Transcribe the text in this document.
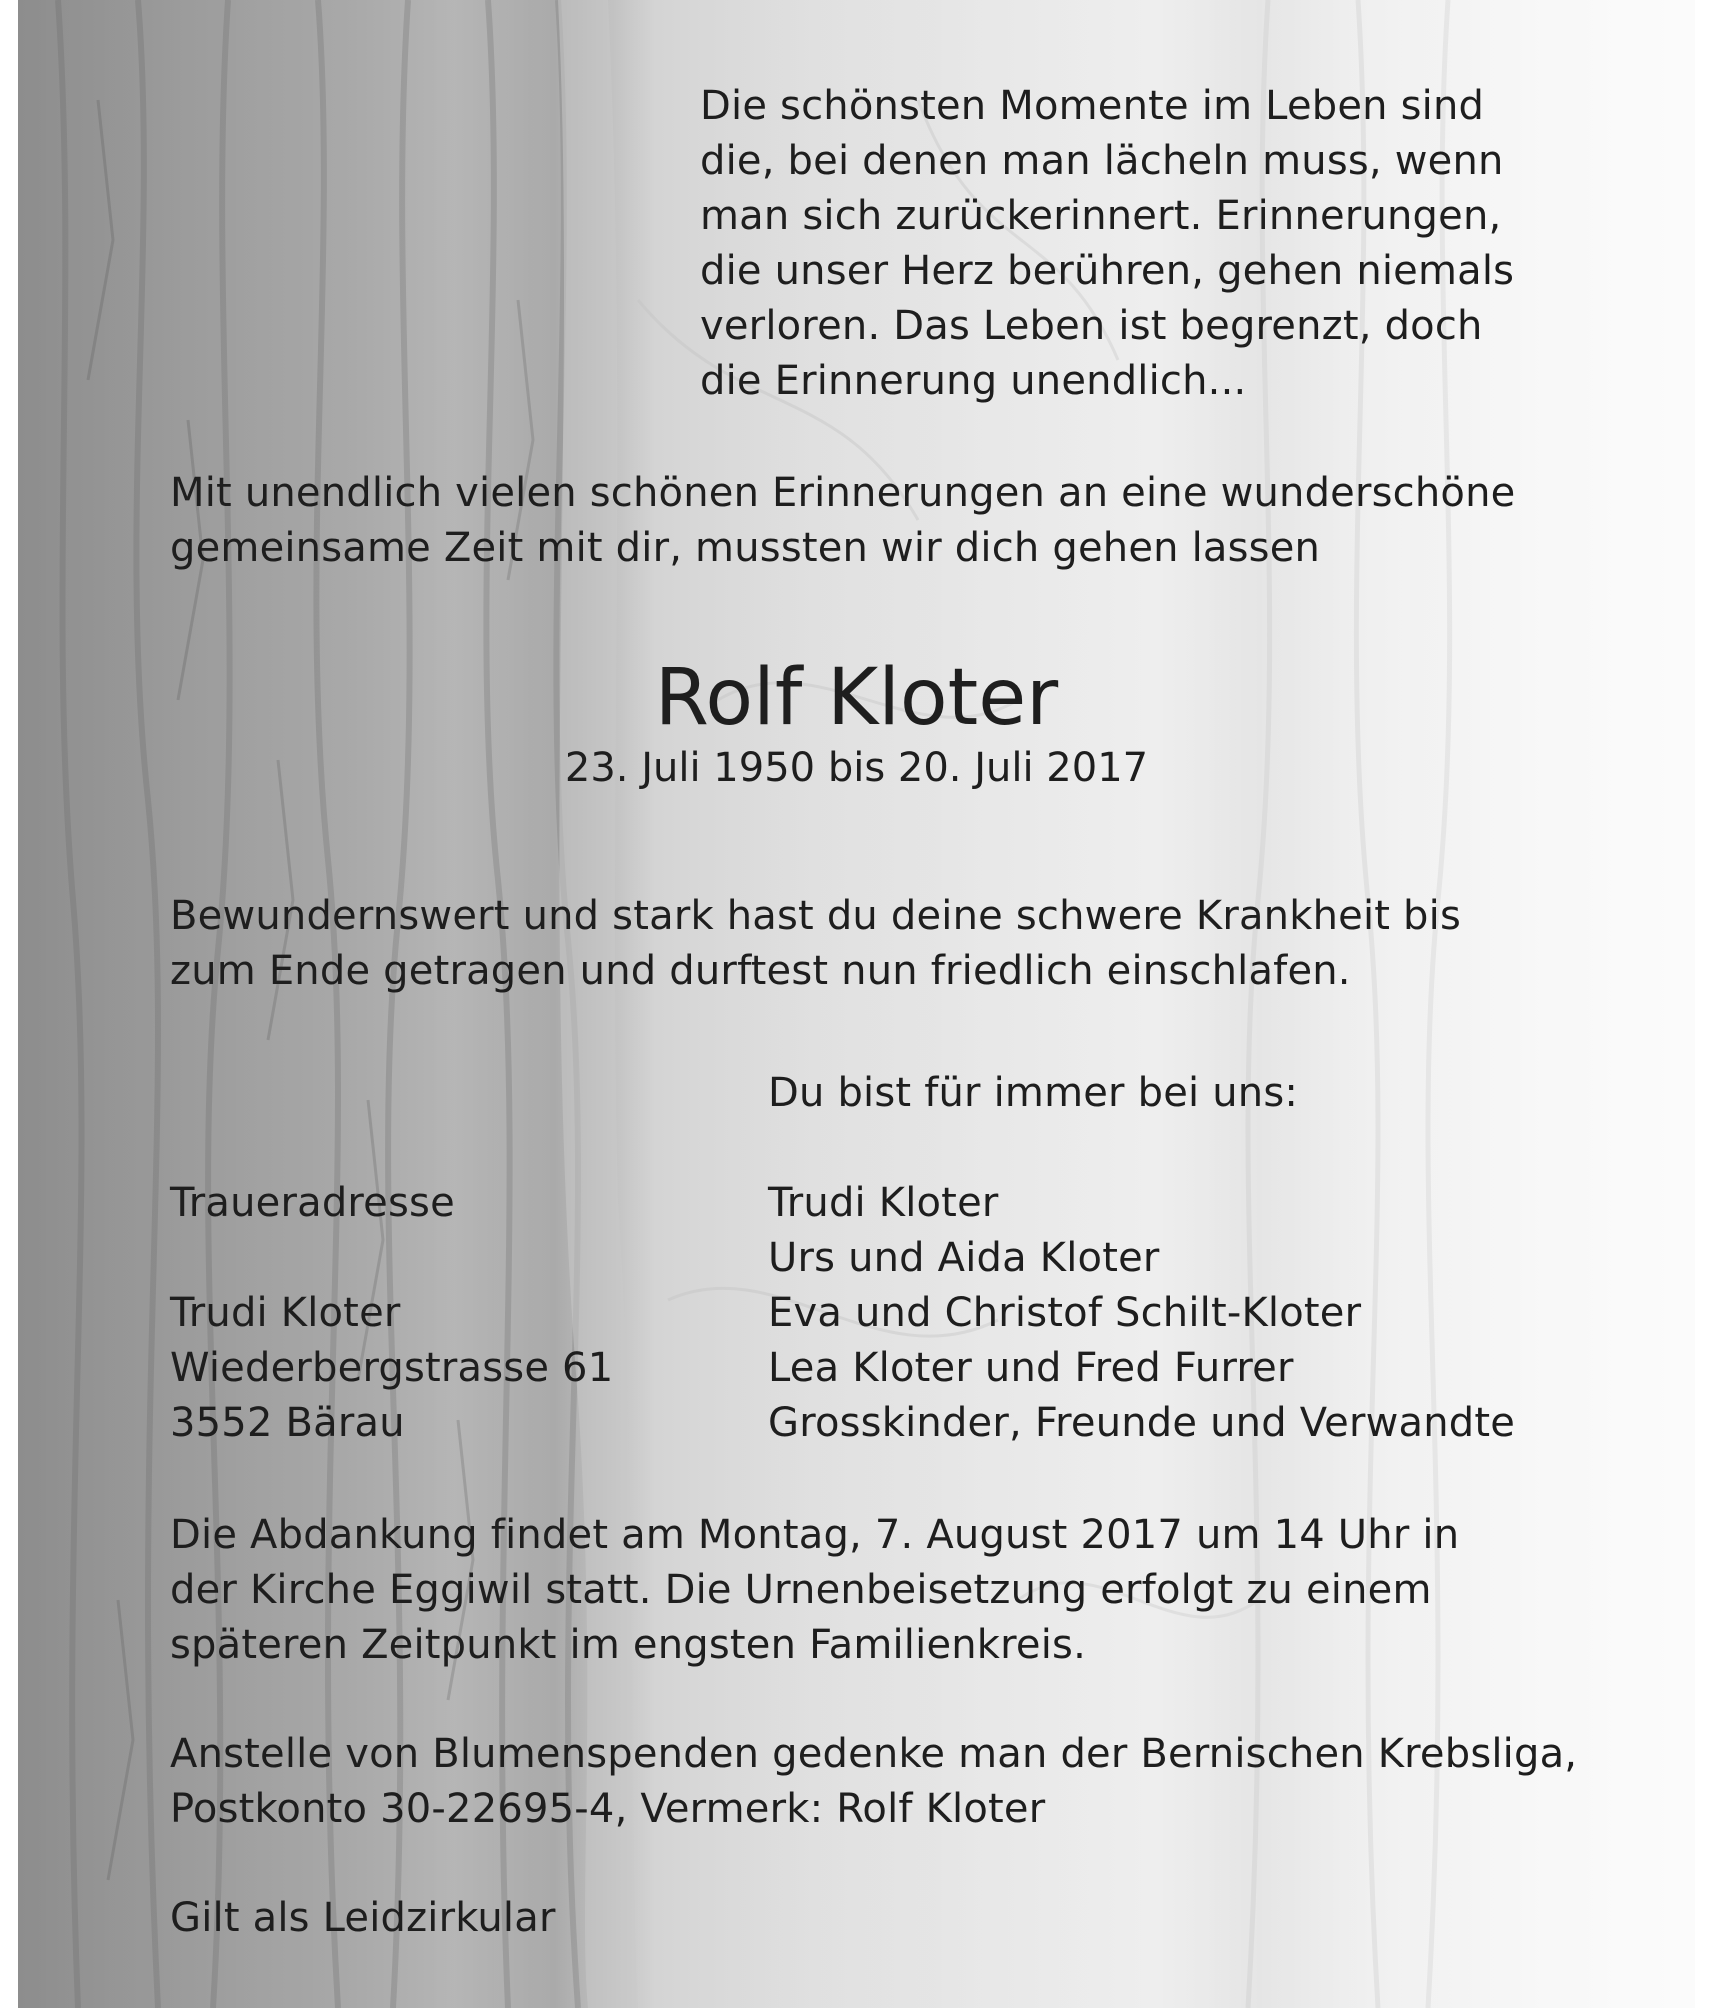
Die schönsten Momente im Leben sind
die, bei denen man lächeln muss, wenn
man sich zurückerinnert. Erinnerungen,
die unser Herz berühren, gehen niemals
verloren. Das Leben ist begrenzt, doch
die Erinnerung unendlich...
Mit unendlich vielen schönen Erinnerungen an eine wunderschöne
gemeinsame Zeit mit dir, mussten wir dich gehen lassen
Rolf Kloter
23. Juli 1950 bis 20. Juli 2017
Bewundernswert und stark hast du deine schwere Krankheit bis
zum Ende getragen und durftest nun friedlich einschlafen.
Du bist für immer bei uns:
Traueradresse
Trudi Kloter
Wiederbergstrasse 61
3552 Bärau
Trudi Kloter
Urs und Aida Kloter
Eva und Christof Schilt-Kloter
Lea Kloter und Fred Furrer
Grosskinder, Freunde und Verwandte
Die Abdankung findet am Montag, 7. August 2017 um 14 Uhr in
der Kirche Eggiwil statt. Die Urnenbeisetzung erfolgt zu einem
späteren Zeitpunkt im engsten Familienkreis.
Anstelle von Blumenspenden gedenke man der Bernischen Krebsliga,
Postkonto 30-22695-4, Vermerk: Rolf Kloter
Gilt als Leidzirkular
